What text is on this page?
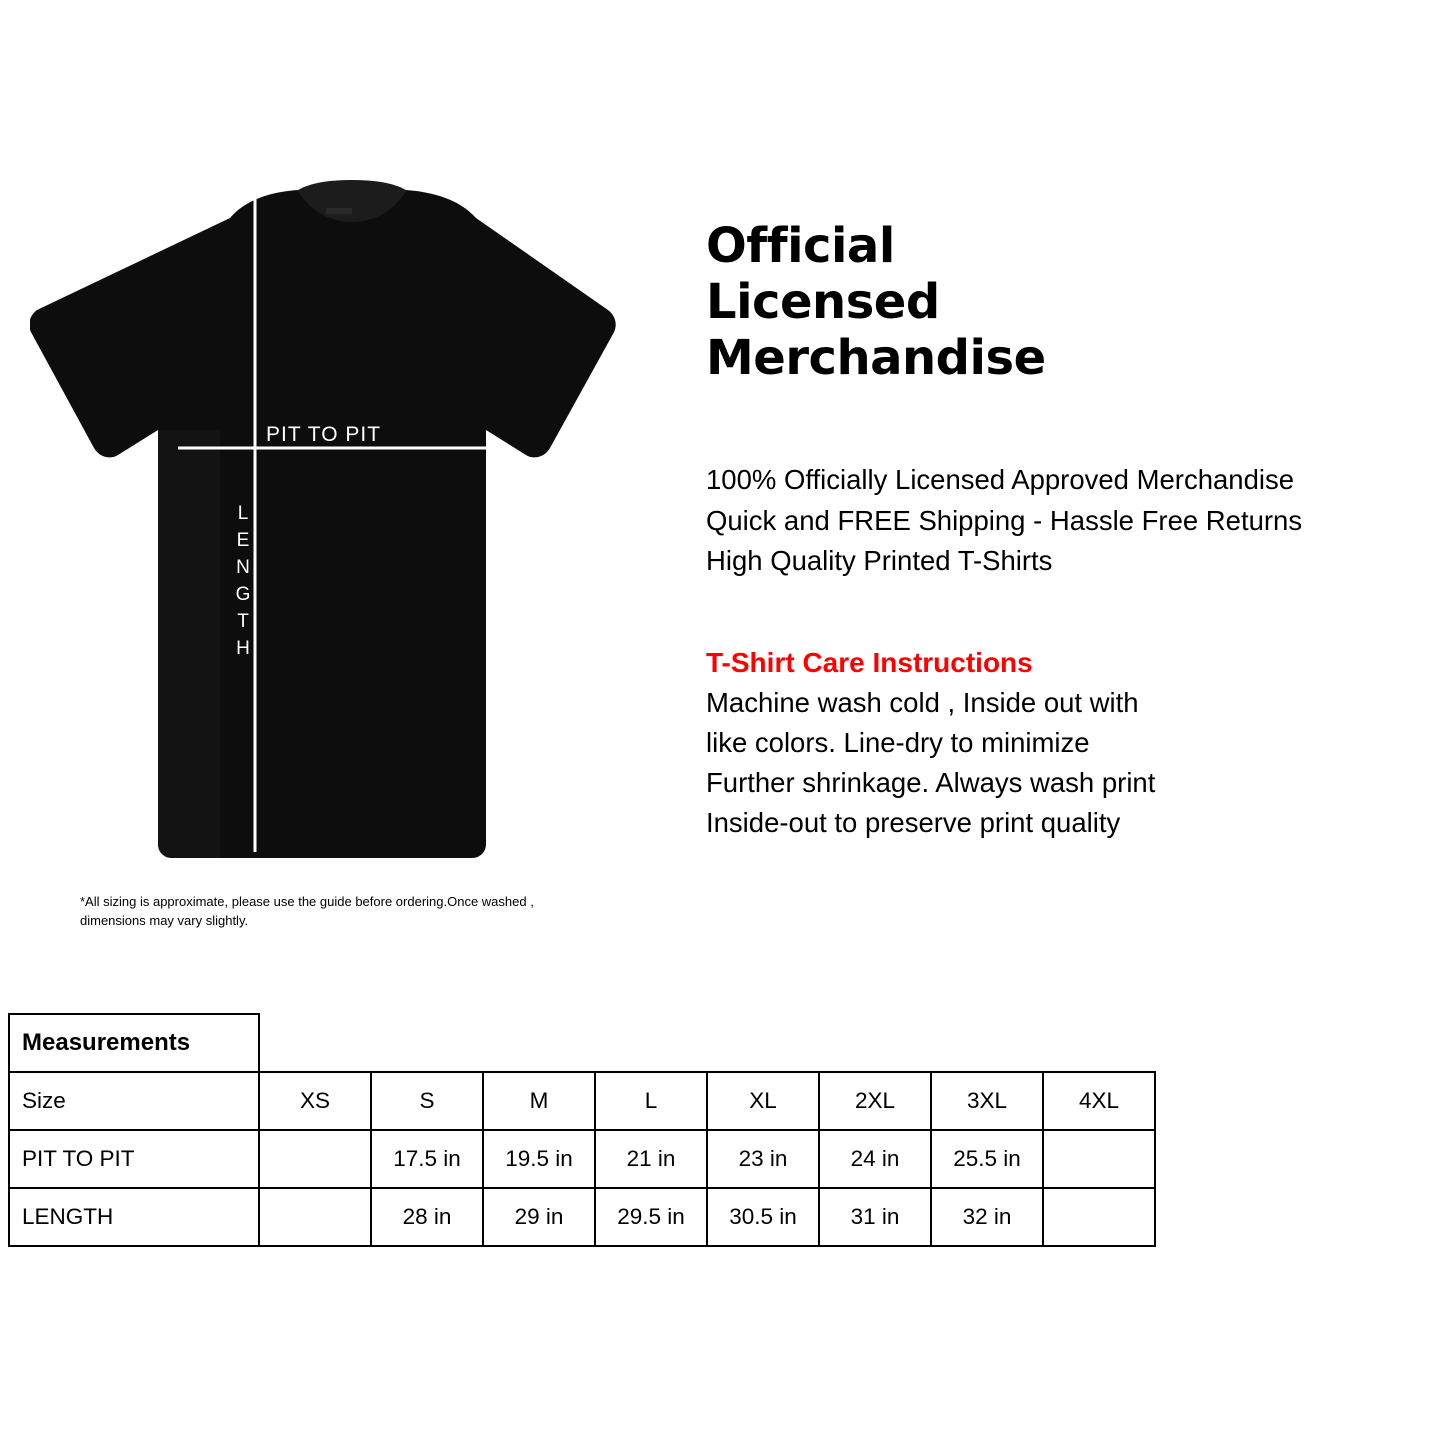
PIT TO PIT
L
E
N
G
T
H
*All sizing is approximate, please use the guide before ordering.Once washed , dimensions may vary slightly.
Official
Licensed
Merchandise
100% Officially Licensed Approved Merchandise
Quick and FREE Shipping - Hassle Free Returns
High Quality Printed T-Shirts
T-Shirt Care Instructions

Machine wash cold , Inside out with
like colors. Line-dry to minimize
Further shrinkage. Always wash print
Inside-out to preserve print quality

Measurements								
Size	XS	S	M	L	XL	2XL	3XL	4XL
PIT TO PIT		17.5 in	19.5 in	21 in	23 in	24 in	25.5 in	
LENGTH		28 in	29 in	29.5 in	30.5 in	31 in	32 in	
